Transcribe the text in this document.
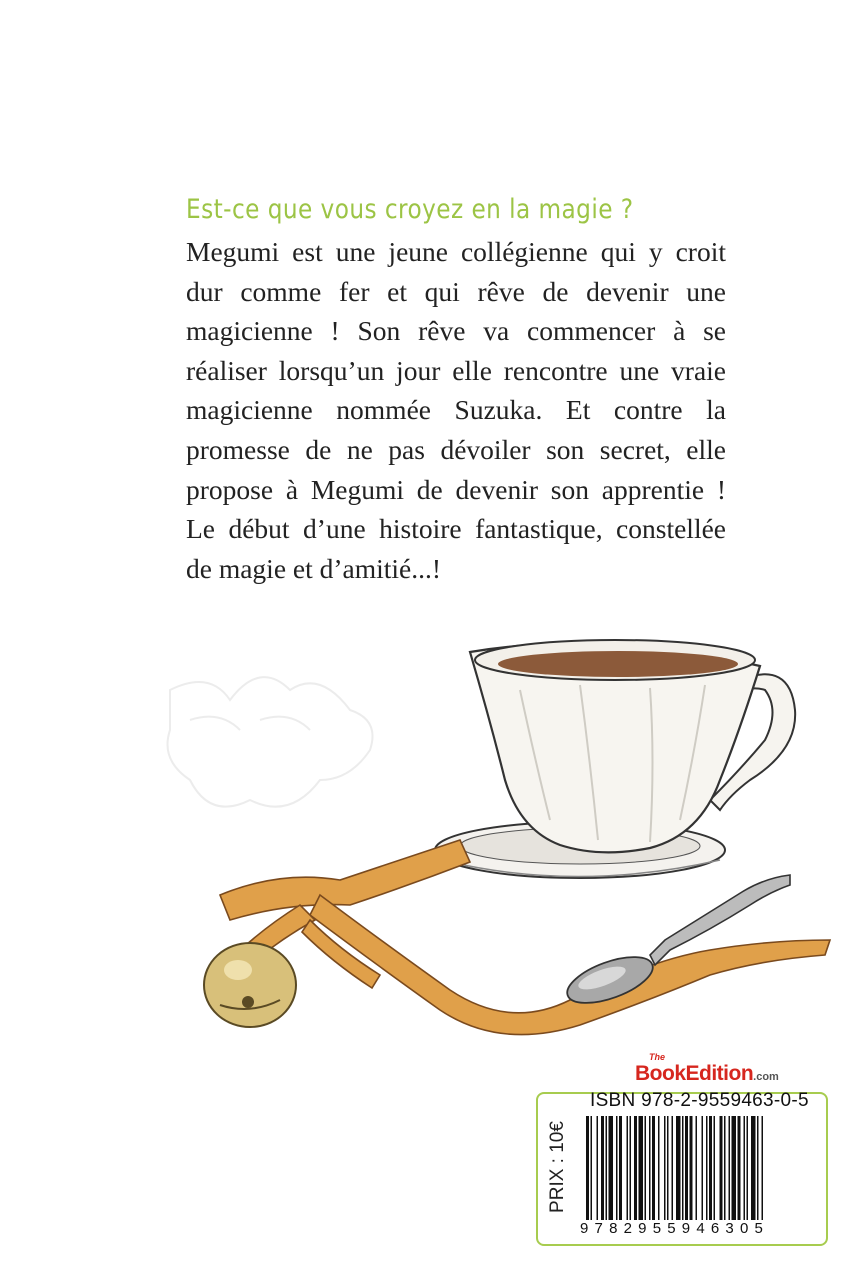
Est-ce que vous croyez en la magie ?
Megumi est une jeune collégienne qui y croit
dur comme fer et qui rêve de devenir une
magicienne ! Son rêve va commencer à se
réaliser lorsqu’un jour elle rencontre une vraie
magicienne nommée Suzuka. Et contre la
promesse de ne pas dévoiler son secret, elle
propose à Megumi de devenir son apprentie !
Le début d’une histoire fantastique, constellée
de magie et d’amitié...!
The
BookEdition.com
PRIX : 10€
ISBN 978-2-9559463-0-5
9782955946305
